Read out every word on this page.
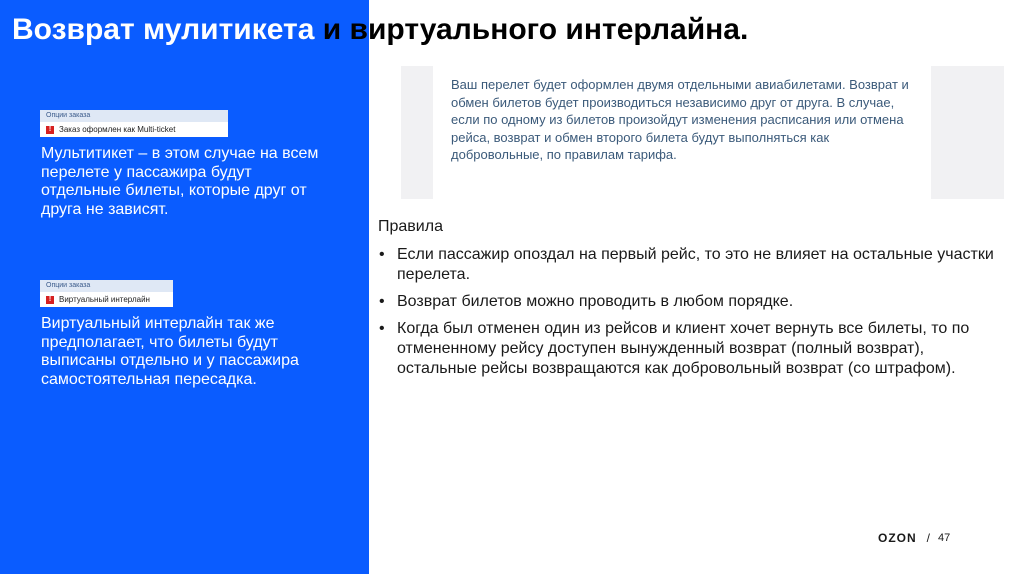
Возврат мулитикета и виртуального интерлайна.
Опции заказа
! Заказ оформлен как Multi-ticket

Мультитикет – в этом случае на всем перелете у пассажира будут отдельные билеты, которые друг от друга не зависят.

Опции заказа
! Виртуальный интерлайн

Виртуальный интерлайн так же предполагает, что билеты будут выписаны отдельно и у пассажира самостоятельная пересадка.

Ваш перелет будет оформлен двумя отдельными авиабилетами. Возврат и обмен билетов будет производиться независимо друг от друга. В случае, если по одному из билетов произойдут изменения расписания или отмена рейса, возврат и обмен второго билета будут выполняться как добровольные, по правилам тарифа.

Правила

• Если пассажир опоздал на первый рейс, то это не влияет на остальные участки перелета.
• Возврат билетов можно проводить в любом порядке.
• Когда был отменен один из рейсов и клиент хочет вернуть все билеты, то по отмененному рейсу доступен вынужденный возврат (полный возврат), остальные рейсы возвращаются как добровольный возврат (со штрафом).
OZON / 47
